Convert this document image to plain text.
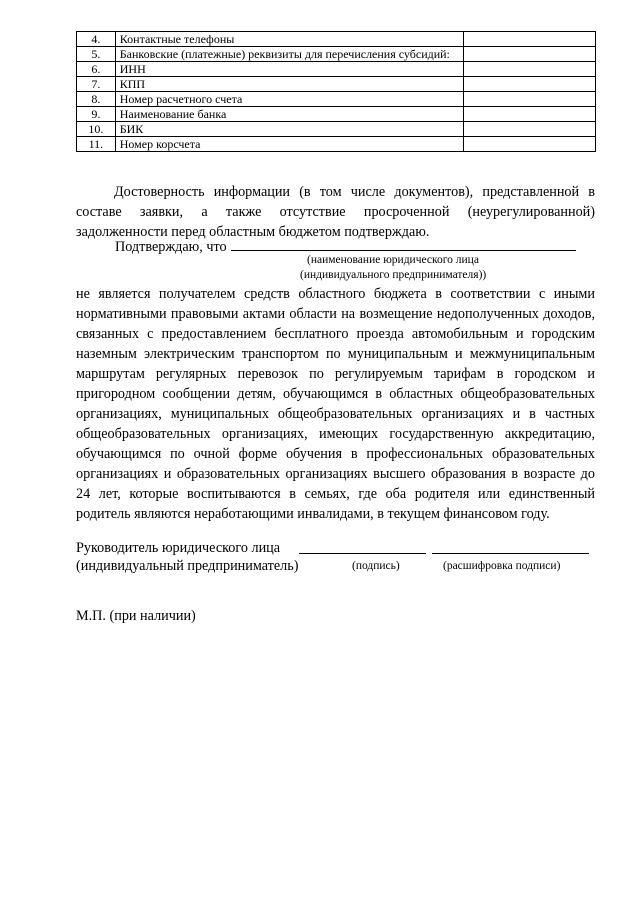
4.	Контактные телефоны	
5.	Банковские (платежные) реквизиты для перечисления субсидий:	
6.	ИНН	
7.	КПП	
8.	Номер расчетного счета	
9.	Наименование банка	
10.	БИК	
11.	Номер корсчета	
Достоверность информации (в том числе документов), представленной в составе заявки, а также отсутствие просроченной (неурегулированной) задолженности перед областным бюджетом подтверждаю.
Подтверждаю, что
(наименование юридического лица
(индивидуального предпринимателя))
не является получателем средств областного бюджета в соответствии с иными нормативными правовыми актами области на возмещение недополученных доходов, связанных с предоставлением бесплатного проезда автомобильным и городским наземным электрическим транспортом по муниципальным и межмуниципальным маршрутам регулярных перевозок по регулируемым тарифам в городском и пригородном сообщении детям, обучающимся в областных общеобразовательных организациях, муниципальных общеобразовательных организациях и в частных общеобразовательных организациях, имеющих государственную аккредитацию, обучающимся по очной форме обучения в профессиональных образовательных организациях и образовательных организациях высшего образования в возрасте до 24 лет, которые воспитываются в семьях, где оба родителя или единственный родитель являются неработающими инвалидами, в текущем финансовом году.
Руководитель юридического лица
(индивидуальный предприниматель)	(подпись)	(расшифровка подписи)
М.П. (при наличии)
